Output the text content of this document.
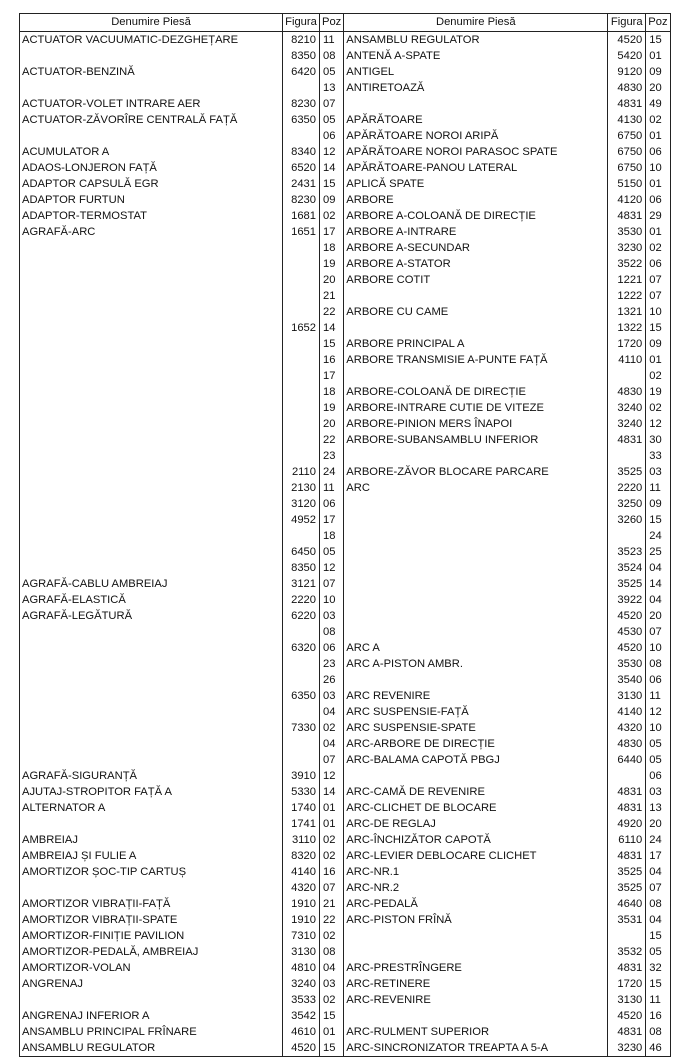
Denumire Piesă	Figura	Poz	Denumire Piesă	Figura	Poz
ACTUATOR VACUUMATIC-DEZGHEȚARE	8210	11	ANSAMBLU REGULATOR	4520	15
	8350	08	ANTENĂ A-SPATE	5420	01
ACTUATOR-BENZINĂ	6420	05	ANTIGEL	9120	09
		13	ANTIRETOAZĂ	4830	20
ACTUATOR-VOLET INTRARE AER	8230	07		4831	49
ACTUATOR-ZĂVORÎRE CENTRALĂ FAȚĂ	6350	05	APĂRĂTOARE	4130	02
		06	APĂRĂTOARE NOROI ARIPĂ	6750	01
ACUMULATOR A	8340	12	APĂRĂTOARE NOROI PARASOC SPATE	6750	06
ADAOS-LONJERON FAȚĂ	6520	14	APĂRĂTOARE-PANOU LATERAL	6750	10
ADAPTOR CAPSULĂ EGR	2431	15	APLICĂ SPATE	5150	01
ADAPTOR FURTUN	8230	09	ARBORE	4120	06
ADAPTOR-TERMOSTAT	1681	02	ARBORE A-COLOANĂ DE DIRECȚIE	4831	29
AGRAFĂ-ARC	1651	17	ARBORE A-INTRARE	3530	01
		18	ARBORE A-SECUNDAR	3230	02
		19	ARBORE A-STATOR	3522	06
		20	ARBORE COTIT	1221	07
		21		1222	07
		22	ARBORE CU CAME	1321	10
	1652	14		1322	15
		15	ARBORE PRINCIPAL A	1720	09
		16	ARBORE TRANSMISIE A-PUNTE FAȚĂ	4110	01
		17			02
		18	ARBORE-COLOANĂ DE DIRECȚIE	4830	19
		19	ARBORE-INTRARE CUTIE DE VITEZE	3240	02
		20	ARBORE-PINION MERS ÎNAPOI	3240	12
		22	ARBORE-SUBANSAMBLU INFERIOR	4831	30
		23			33
	2110	24	ARBORE-ZĂVOR BLOCARE PARCARE	3525	03
	2130	11	ARC	2220	11
	3120	06		3250	09
	4952	17		3260	15
		18			24
	6450	05		3523	25
	8350	12		3524	04
AGRAFĂ-CABLU AMBREIAJ	3121	07		3525	14
AGRAFĂ-ELASTICĂ	2220	10		3922	04
AGRAFĂ-LEGĂTURĂ	6220	03		4520	20
		08		4530	07
	6320	06	ARC A	4520	10
		23	ARC A-PISTON AMBR.	3530	08
		26		3540	06
	6350	03	ARC REVENIRE	3130	11
		04	ARC SUSPENSIE-FAȚĂ	4140	12
	7330	02	ARC SUSPENSIE-SPATE	4320	10
		04	ARC-ARBORE DE DIRECȚIE	4830	05
		07	ARC-BALAMA CAPOTĂ PBGJ	6440	05
AGRAFĂ-SIGURANȚĂ	3910	12			06
AJUTAJ-STROPITOR FAȚĂ A	5330	14	ARC-CAMĂ DE REVENIRE	4831	03
ALTERNATOR A	1740	01	ARC-CLICHET DE BLOCARE	4831	13
	1741	01	ARC-DE REGLAJ	4920	20
AMBREIAJ	3110	02	ARC-ÎNCHIZĂTOR CAPOTĂ	6110	24
AMBREIAJ ȘI FULIE A	8320	02	ARC-LEVIER DEBLOCARE CLICHET	4831	17
AMORTIZOR ȘOC-TIP CARTUȘ	4140	16	ARC-NR.1	3525	04
	4320	07	ARC-NR.2	3525	07
AMORTIZOR VIBRAȚII-FAȚĂ	1910	21	ARC-PEDALĂ	4640	08
AMORTIZOR VIBRAȚII-SPATE	1910	22	ARC-PISTON FRÎNĂ	3531	04
AMORTIZOR-FINIȚIE PAVILION	7310	02			15
AMORTIZOR-PEDALĂ, AMBREIAJ	3130	08		3532	05
AMORTIZOR-VOLAN	4810	04	ARC-PRESTRÎNGERE	4831	32
ANGRENAJ	3240	03	ARC-RETINERE	1720	15
	3533	02	ARC-REVENIRE	3130	11
ANGRENAJ INFERIOR A	3542	15		4520	16
ANSAMBLU PRINCIPAL FRÎNARE	4610	01	ARC-RULMENT SUPERIOR	4831	08
ANSAMBLU REGULATOR	4520	15	ARC-SINCRONIZATOR TREAPTA A 5-A	3230	46
